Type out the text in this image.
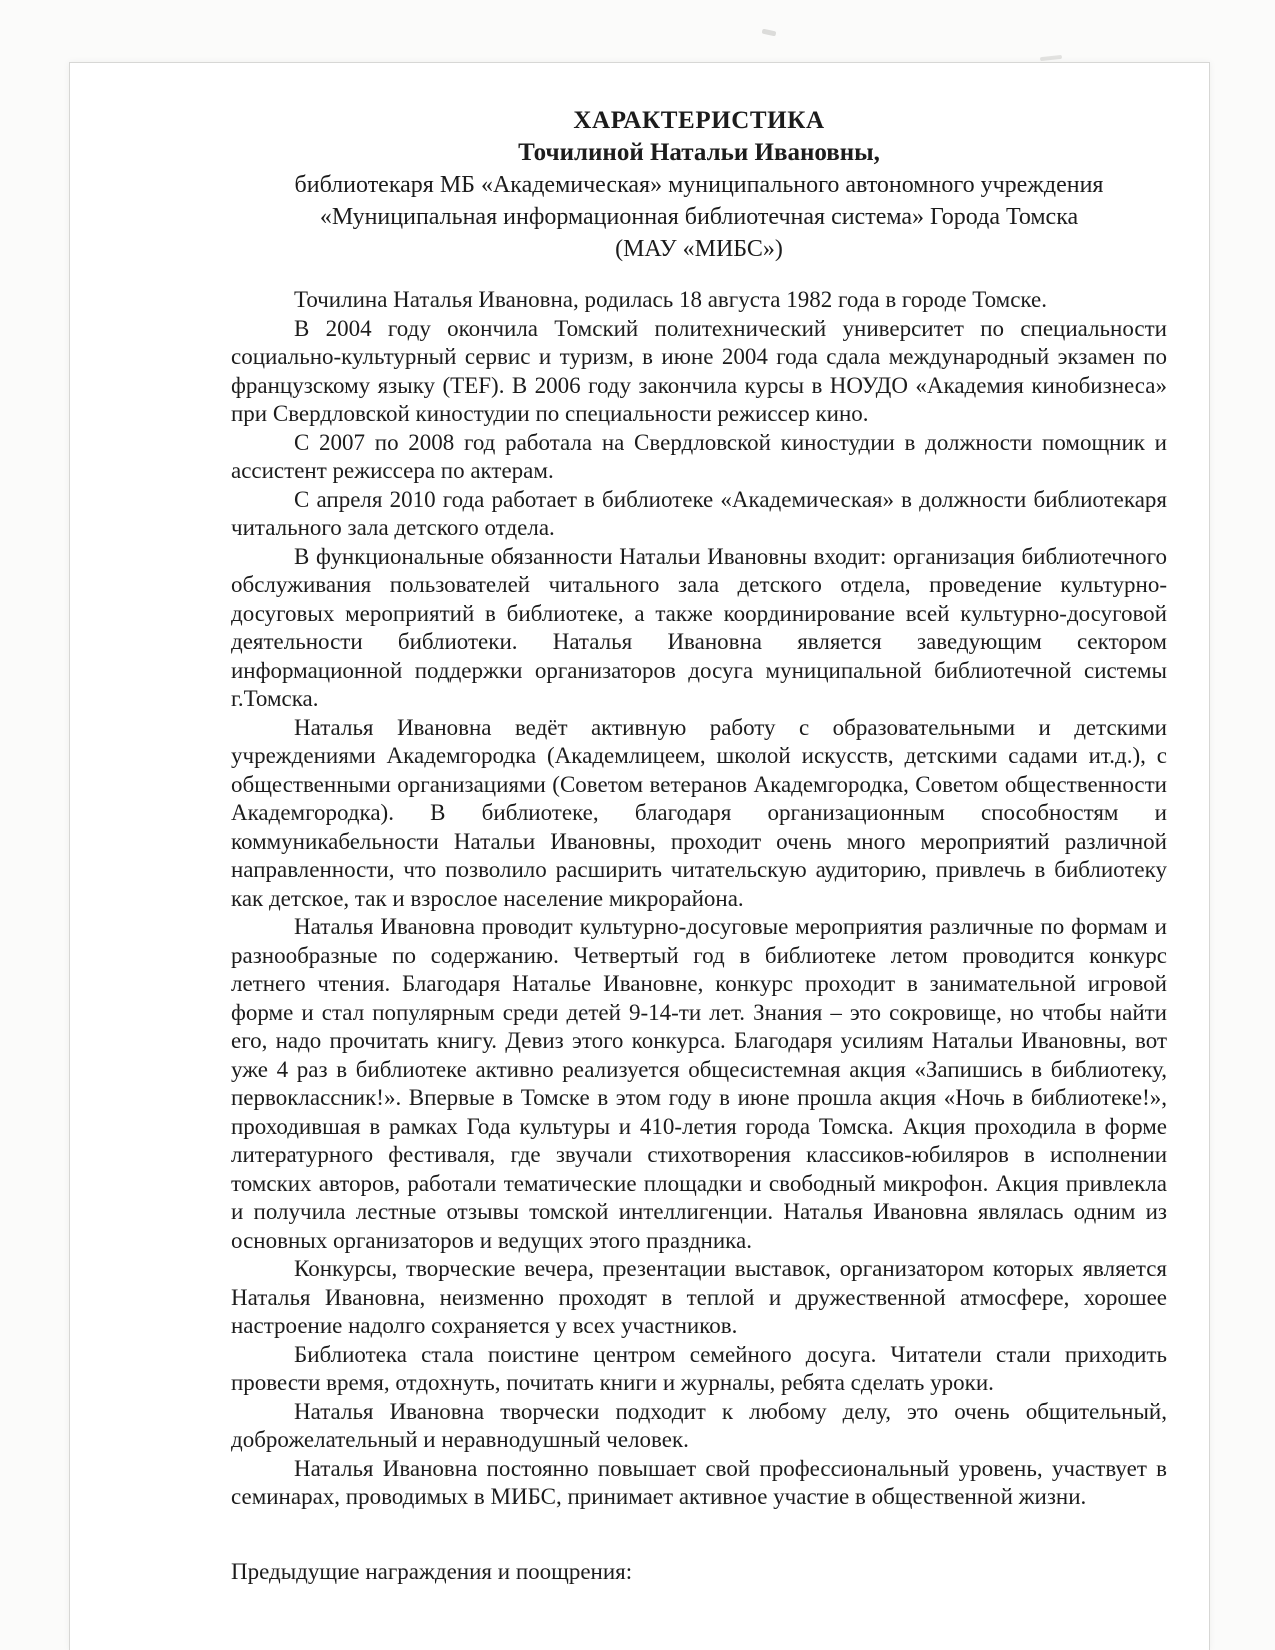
ХАРАКТЕРИСТИКА
Точилиной Натальи Ивановны,
библиотекаря МБ «Академическая» муниципального автономного учреждения
«Муниципальная информационная библиотечная система» Города Томска
(МАУ «МИБС»)

Точилина Наталья Ивановна, родилась 18 августа 1982 года в городе Томске.

В 2004 году окончила Томский политехнический университет по специальности социально-культурный сервис и туризм, в июне 2004 года сдала международный экзамен по французскому языку (TEF). В 2006 году закончила курсы в НОУДО «Академия кинобизнеса» при Свердловской киностудии по специальности режиссер кино.

С 2007 по 2008 год работала на Свердловской киностудии в должности помощник и ассистент режиссера по актерам.

С апреля 2010 года работает в библиотеке «Академическая» в должности библиотекаря читального зала детского отдела.

В функциональные обязанности Натальи Ивановны входит: организация библиотечного обслуживания пользователей читального зала детского отдела, проведение культурно-досуговых мероприятий в библиотеке, а также координирование всей культурно-досуговой деятельности библиотеки. Наталья Ивановна является заведующим сектором информационной поддержки организаторов досуга муниципальной библиотечной системы г.Томска.

Наталья Ивановна ведёт активную работу с образовательными и детскими учреждениями Академгородка (Академлицеем, школой искусств, детскими садами ит.д.), с общественными организациями (Советом ветеранов Академгородка, Советом общественности Академгородка). В библиотеке, благодаря организационным способностям и коммуникабельности Натальи Ивановны, проходит очень много мероприятий различной направленности, что позволило расширить читательскую аудиторию, привлечь в библиотеку как детское, так и взрослое население микрорайона.

Наталья Ивановна проводит культурно-досуговые мероприятия различные по формам и разнообразные по содержанию. Четвертый год в библиотеке летом проводится конкурс летнего чтения. Благодаря Наталье Ивановне, конкурс проходит в занимательной игровой форме и стал популярным среди детей 9-14-ти лет. Знания – это сокровище, но чтобы найти его, надо прочитать книгу. Девиз этого конкурса. Благодаря усилиям Натальи Ивановны, вот уже 4 раз в библиотеке активно реализуется общесистемная акция «Запишись в библиотеку, первоклассник!». Впервые в Томске в этом году в июне прошла акция «Ночь в библиотеке!», проходившая в рамках Года культуры и 410-летия города Томска. Акция проходила в форме литературного фестиваля, где звучали стихотворения классиков-юбиляров в исполнении томских авторов, работали тематические площадки и свободный микрофон. Акция привлекла и получила лестные отзывы томской интеллигенции. Наталья Ивановна являлась одним из основных организаторов и ведущих этого праздника.

Конкурсы, творческие вечера, презентации выставок, организатором которых является Наталья Ивановна, неизменно проходят в теплой и дружественной атмосфере, хорошее настроение надолго сохраняется у всех участников.

Библиотека стала поистине центром семейного досуга. Читатели стали приходить провести время, отдохнуть, почитать книги и журналы, ребята сделать уроки.

Наталья Ивановна творчески подходит к любому делу, это очень общительный, доброжелательный и неравнодушный человек.

Наталья Ивановна постоянно повышает свой профессиональный уровень, участвует в семинарах, проводимых в МИБС, принимает активное участие в общественной жизни.

Предыдущие награждения и поощрения:
